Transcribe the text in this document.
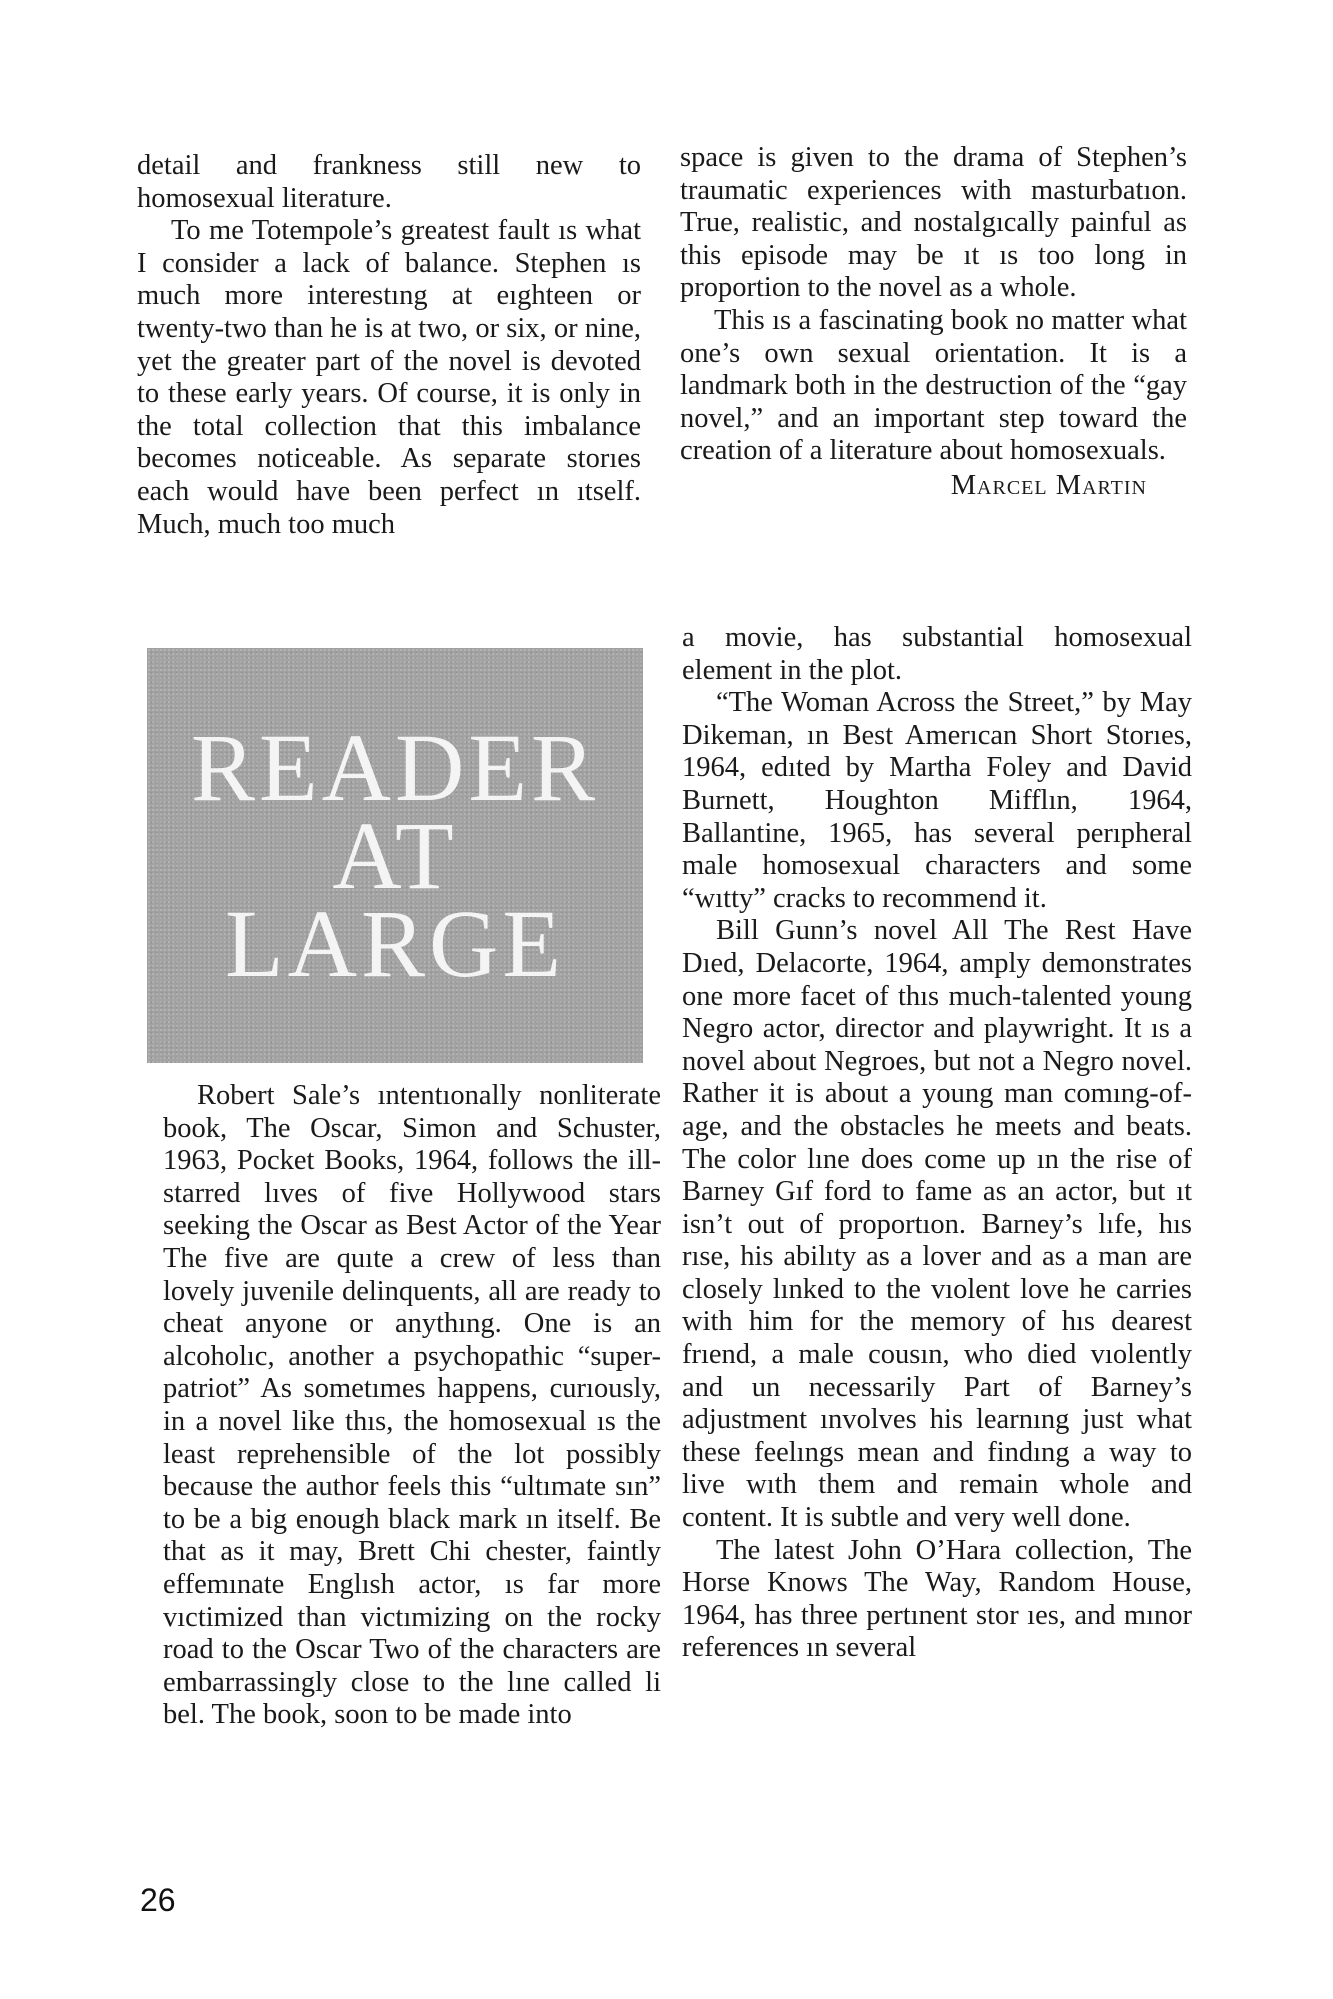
detail and frankness still new to homosexual literature.

To me Totempole’s greatest fault ıs what I consider a lack of balance. Stephen ıs much more interestıng at eıghteen or twenty-two than he is at two, or six, or nine, yet the greater part of the novel is devoted to these early years. Of course, it is only in the total collection that this imbalance becomes noticeable. As separate storıes each would have been perfect ın ıtself. Much, much too much

space is given to the drama of Stephen’s traumatic experiences with masturbatıon. True, realistic, and nostalgıcally painful as this episode may be ıt ıs too long in proportion to the novel as a whole.

This ıs a fascinating book no matter what one’s own sexual orientation. It is a landmark both in the destruction of the “gay novel,” and an important step toward the creation of a literature about homosexuals.

Marcel Martin
READER
AT
LARGE

Robert Sale’s ıntentıonally nonliterate book, The Oscar, Simon and Schuster, 1963, Pocket Books, 1964, follows the ill-starred lıves of five Hollywood stars seeking the Oscar as Best Actor of the Year The five are quıte a crew of less than lovely juvenile delinquents, all are ready to cheat anyone or anythıng. One is an alcoholıc, another a psychopathic “super-patriot” As sometımes happens, curıously, in a novel like thıs, the homosexual ıs the least reprehensible of the lot possibly because the author feels this “ultımate sın” to be a big enough black mark ın itself. Be that as it may, Brett Chi chester, faintly effemınate Englısh actor, ıs far more vıctimized than victımizing on the rocky road to the Oscar Two of the characters are embarrassingly close to the lıne called li bel. The book, soon to be made into

a movie, has substantial homosexual element in the plot.

“The Woman Across the Street,” by May Dikeman, ın Best Amerıcan Short Storıes, 1964, edıted by Martha Foley and David Burnett, Houghton Mifflın, 1964, Ballantine, 1965, has several perıpheral male homosexual characters and some “wıtty” cracks to recommend it.

Bill Gunn’s novel All The Rest Have Dıed, Delacorte, 1964, amply demonstrates one more facet of thıs much-talented young Negro actor, director and playwright. It ıs a novel about Negroes, but not a Negro novel. Rather it is about a young man comıng-of-age, and the obstacles he meets and beats. The color lıne does come up ın the rise of Barney Gıf ford to fame as an actor, but ıt isn’t out of proportıon. Barney’s lıfe, hıs rıse, his abilıty as a lover and as a man are closely lınked to the vıolent love he carries with him for the memory of hıs dearest frıend, a male cousın, who died vıolently and un necessarily Part of Barney’s adjustment ınvolves his learnıng just what these feelıngs mean and findıng a way to live wıth them and remain whole and content. It is subtle and very well done.

The latest John O’Hara collection, The Horse Knows The Way, Random House, 1964, has three pertınent stor ıes, and mınor references ın several

26
